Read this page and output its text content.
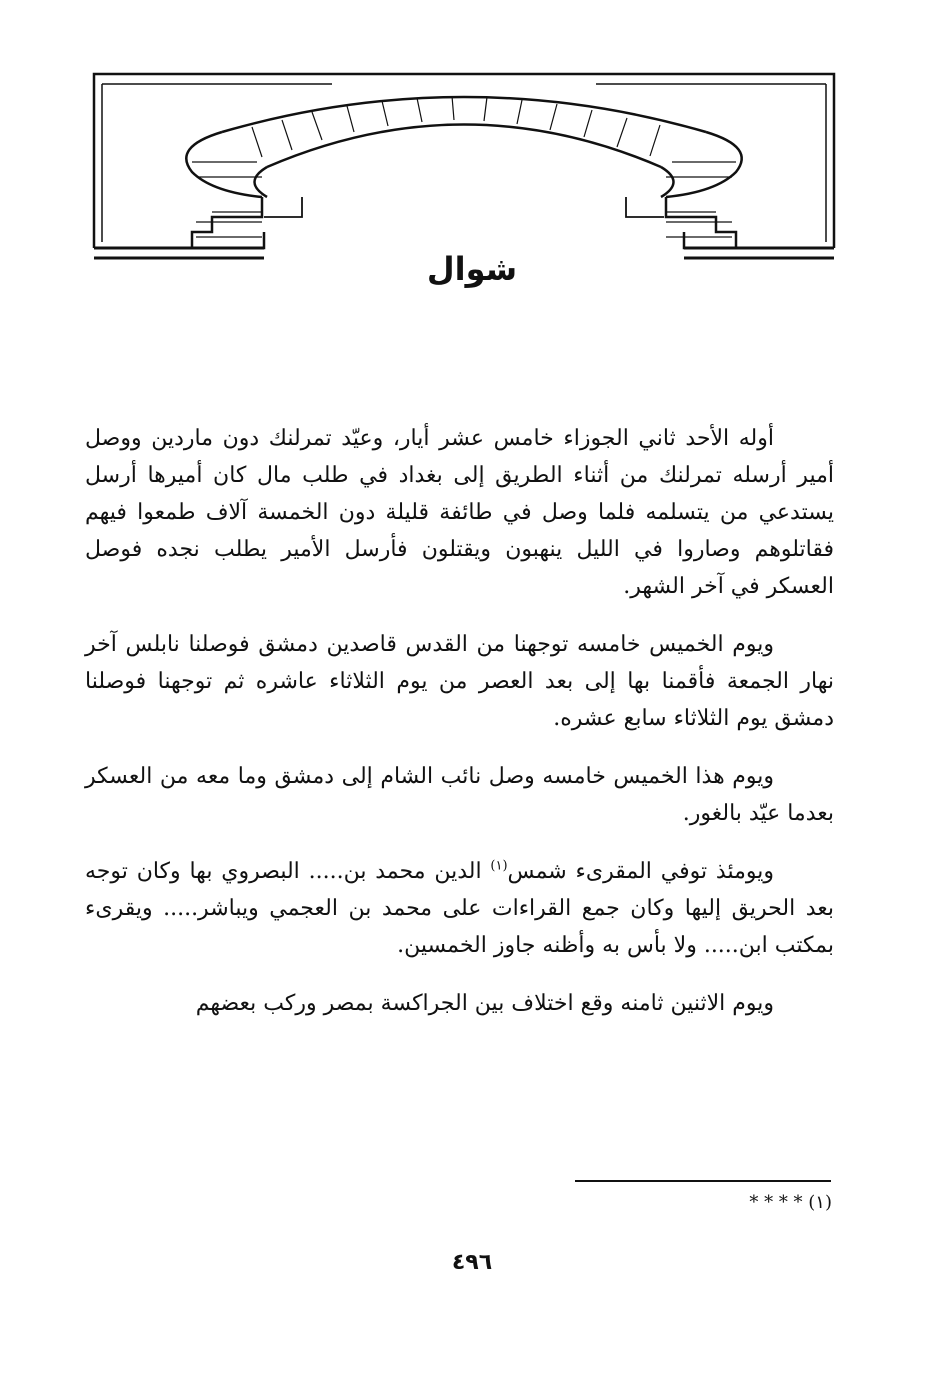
شوال

أوله الأحد ثاني الجوزاء خامس عشر أيار، وعيّد تمرلنك دون ماردين ووصل أمير أرسله تمرلنك من أثناء الطريق إلى بغداد في طلب مال كان أميرها أرسل يستدعي من يتسلمه فلما وصل في طائفة قليلة دون الخمسة آلاف طمعوا فيهم فقاتلوهم وصاروا في الليل ينهبون ويقتلون فأرسل الأمير يطلب نجده فوصل العسكر في آخر الشهر.

ويوم الخميس خامسه توجهنا من القدس قاصدين دمشق فوصلنا نابلس آخر نهار الجمعة فأقمنا بها إلى بعد العصر من يوم الثلاثاء عاشره ثم توجهنا فوصلنا دمشق يوم الثلاثاء سابع عشره.

ويوم هذا الخميس خامسه وصل نائب الشام إلى دمشق وما معه من العسكر بعدما عيّد بالغور.

ويومئذ توفي المقرىء شمس$^{(١)}$ الدين محمد بن..... البصروي بها وكان توجه بعد الحريق إليها وكان جمع القراءات على محمد بن العجمي ويباشر..... ويقرىء بمكتب ابن..... ولا بأس به وأظنه جاوز الخمسين.

ويوم الاثنين ثامنه وقع اختلاف بين الجراكسة بمصر وركب بعضهم

(١) * * * *
٤٩٦
